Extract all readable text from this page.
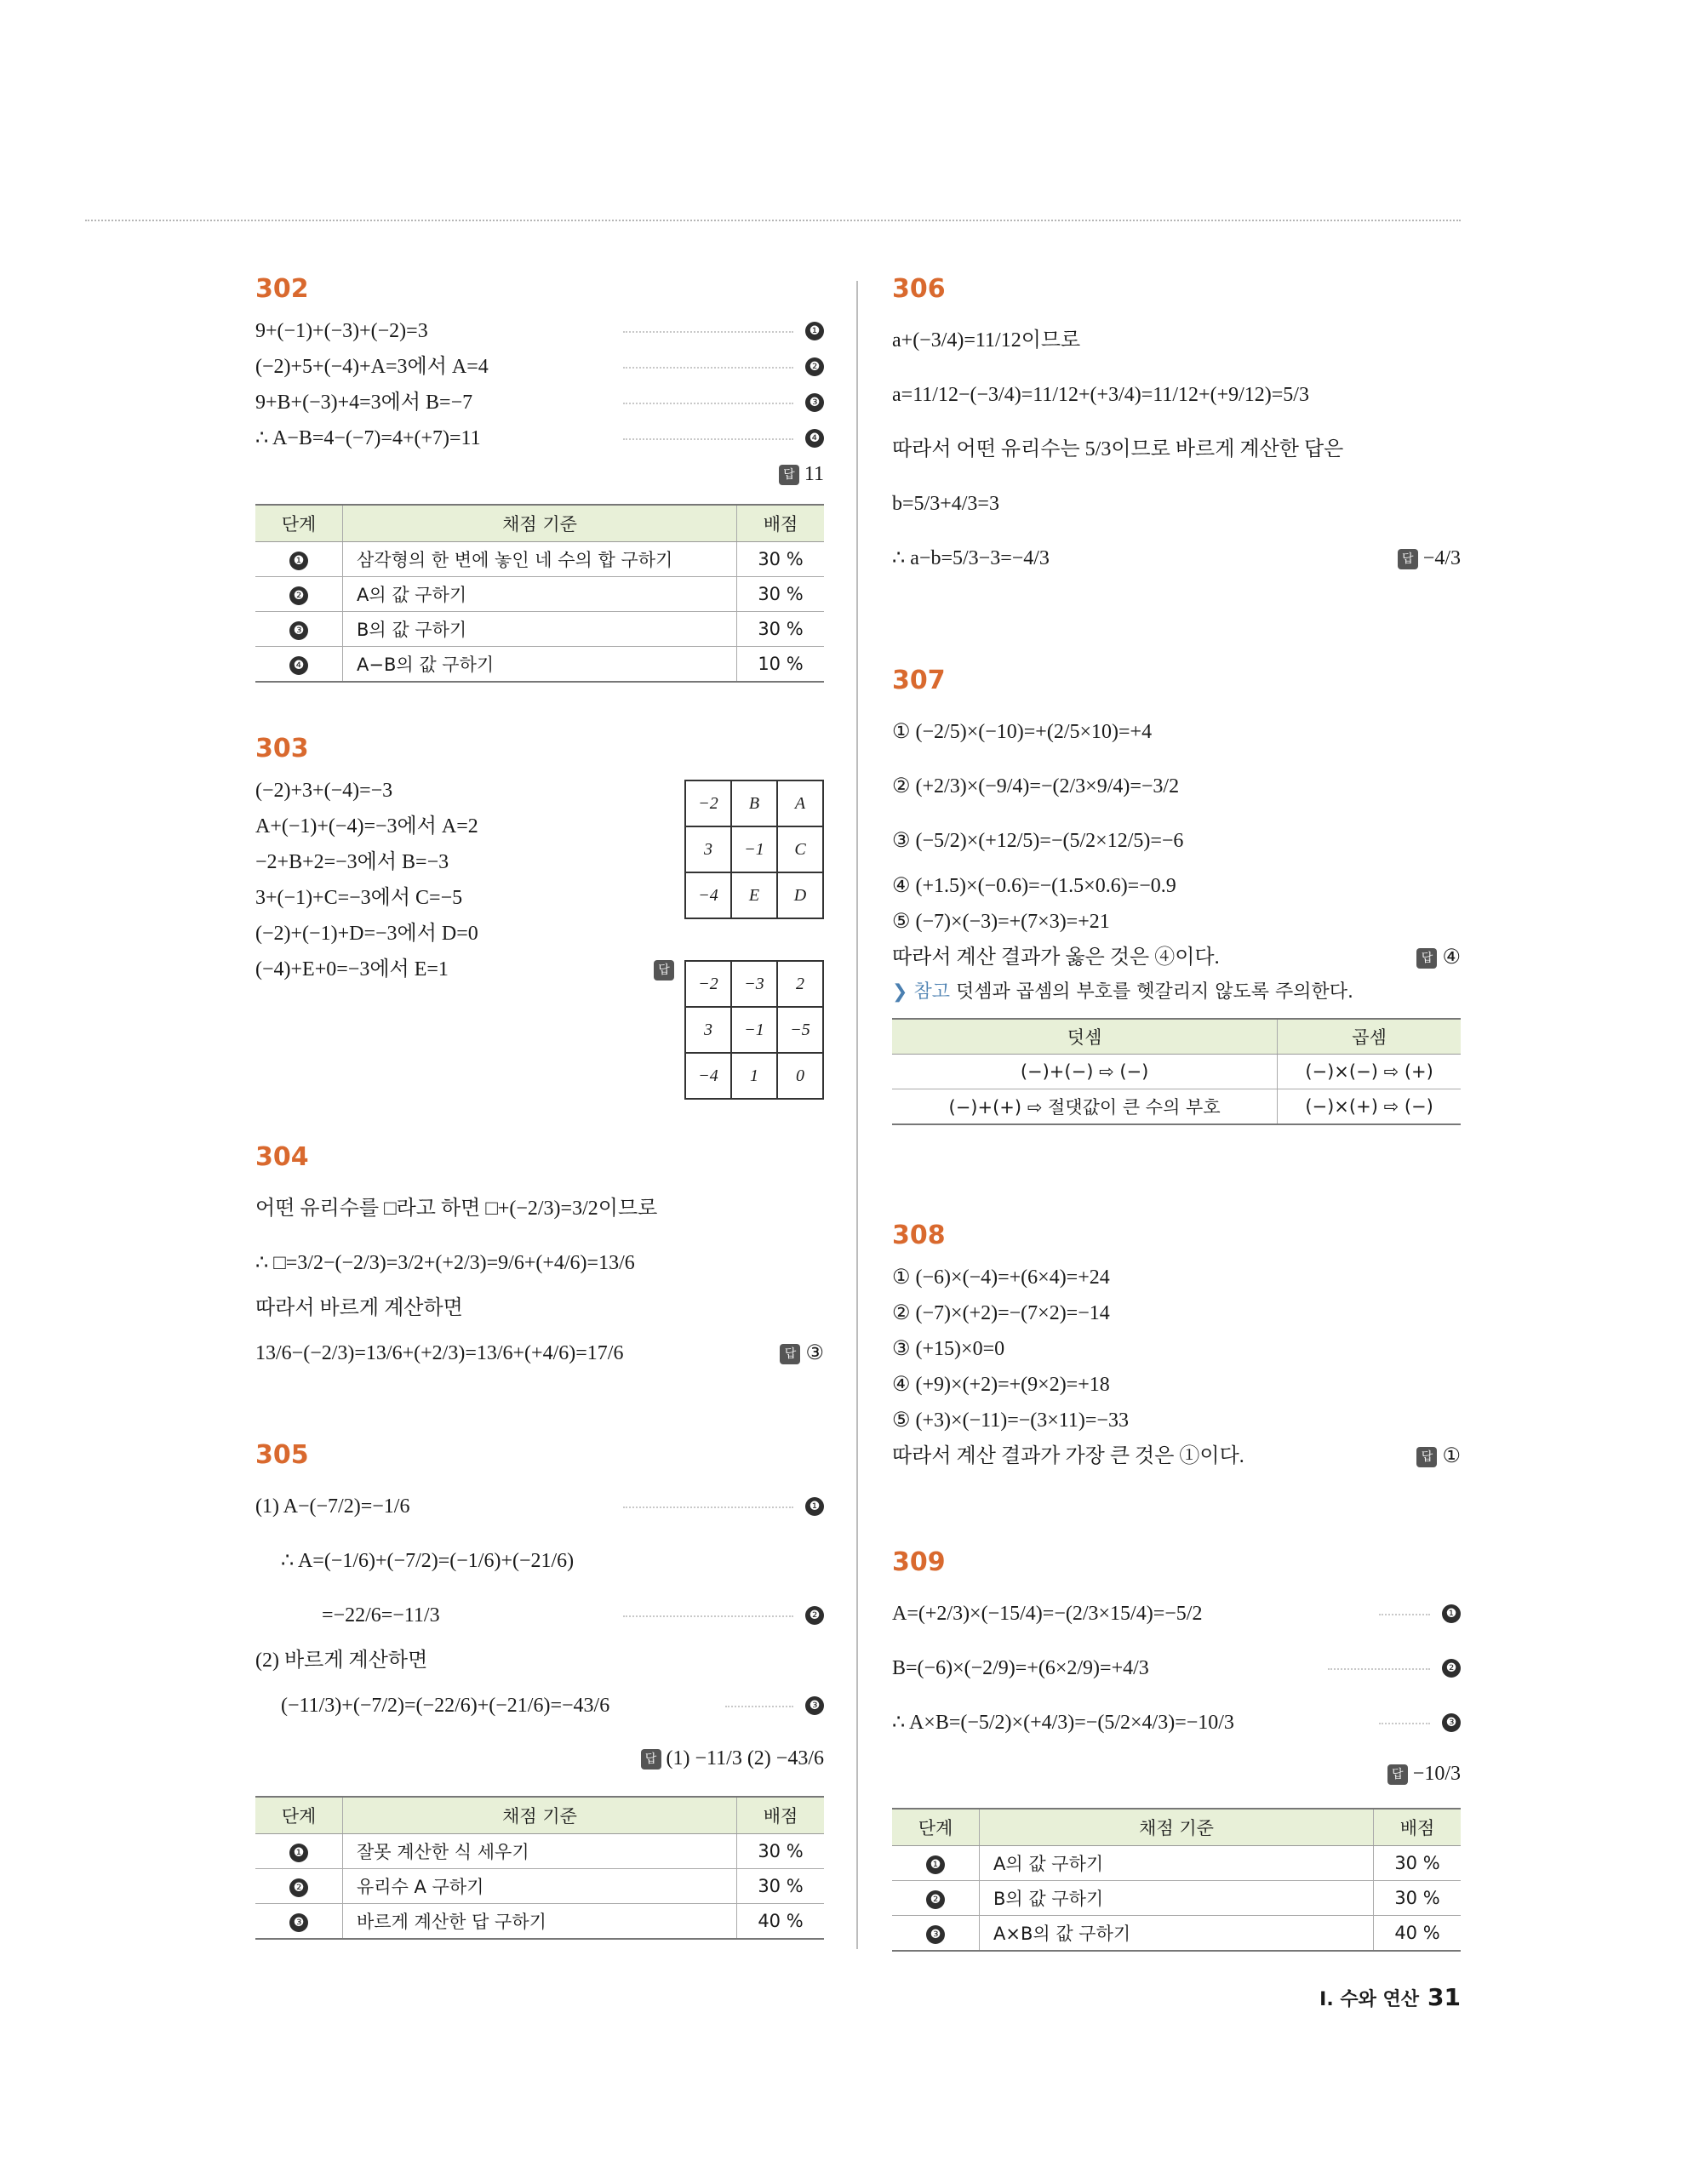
302
9+(−1)+(−3)+(−2)=3	❶
(−2)+5+(−4)+A=3에서 A=4	❷
9+B+(−3)+4=3에서 B=−7	❸
∴ A−B=4−(−7)=4+(+7)=11	❹
답 11
단계	채점 기준	배점
❶	삼각형의 한 변에 놓인 네 수의 합 구하기	30 %
❷	A의 값 구하기	30 %
❸	B의 값 구하기	30 %
❹	A−B의 값 구하기	10 %
303
(−2)+3+(−4)=−3
A+(−1)+(−4)=−3에서 A=2
−2+B+2=−3에서 B=−3
3+(−1)+C=−3에서 C=−5
(−2)+(−1)+D=−3에서 D=0
(−4)+E+0=−3에서 E=1
−2	B	A
3	−1	C
−4	E	D
답
−2	−3	2
3	−1	−5
−4	1	0
304
어떤 유리수를 □라고 하면 □+(−2/3)=3/2이므로
∴ □=3/2−(−2/3)=3/2+(+2/3)=9/6+(+4/6)=13/6
따라서 바르게 계산하면
13/6−(−2/3)=13/6+(+2/3)=13/6+(+4/6)=17/6	답 ③
305
(1) A−(−7/2)=−1/6	❶
∴ A=(−1/6)+(−7/2)=(−1/6)+(−21/6)
=−22/6=−11/3	❷
(2) 바르게 계산하면
(−11/3)+(−7/2)=(−22/6)+(−21/6)=−43/6	❸
답 (1) −11/3 (2) −43/6
단계	채점 기준	배점
❶	잘못 계산한 식 세우기	30 %
❷	유리수 A 구하기	30 %
❸	바르게 계산한 답 구하기	40 %
306
a+(−3/4)=11/12이므로
a=11/12−(−3/4)=11/12+(+3/4)=11/12+(+9/12)=5/3
따라서 어떤 유리수는 5/3이므로 바르게 계산한 답은
b=5/3+4/3=3
∴ a−b=5/3−3=−4/3	답 −4/3
307
① (−2/5)×(−10)=+(2/5×10)=+4
② (+2/3)×(−9/4)=−(2/3×9/4)=−3/2
③ (−5/2)×(+12/5)=−(5/2×12/5)=−6
④ (+1.5)×(−0.6)=−(1.5×0.6)=−0.9
⑤ (−7)×(−3)=+(7×3)=+21
따라서 계산 결과가 옳은 것은 ④이다.	답 ④
❯ 참고 덧셈과 곱셈의 부호를 헷갈리지 않도록 주의한다.
덧셈	곱셈
(−)+(−) ⇨ (−)	(−)×(−) ⇨ (+)
(−)+(+) ⇨ 절댓값이 큰 수의 부호	(−)×(+) ⇨ (−)
308
① (−6)×(−4)=+(6×4)=+24
② (−7)×(+2)=−(7×2)=−14
③ (+15)×0=0
④ (+9)×(+2)=+(9×2)=+18
⑤ (+3)×(−11)=−(3×11)=−33
따라서 계산 결과가 가장 큰 것은 ①이다.	답 ①
309
A=(+2/3)×(−15/4)=−(2/3×15/4)=−5/2	❶
B=(−6)×(−2/9)=+(6×2/9)=+4/3	❷
∴ A×B=(−5/2)×(+4/3)=−(5/2×4/3)=−10/3	❸
답 −10/3
단계	채점 기준	배점
❶	A의 값 구하기	30 %
❷	B의 값 구하기	30 %
❸	A×B의 값 구하기	40 %
I. 수와 연산 31
